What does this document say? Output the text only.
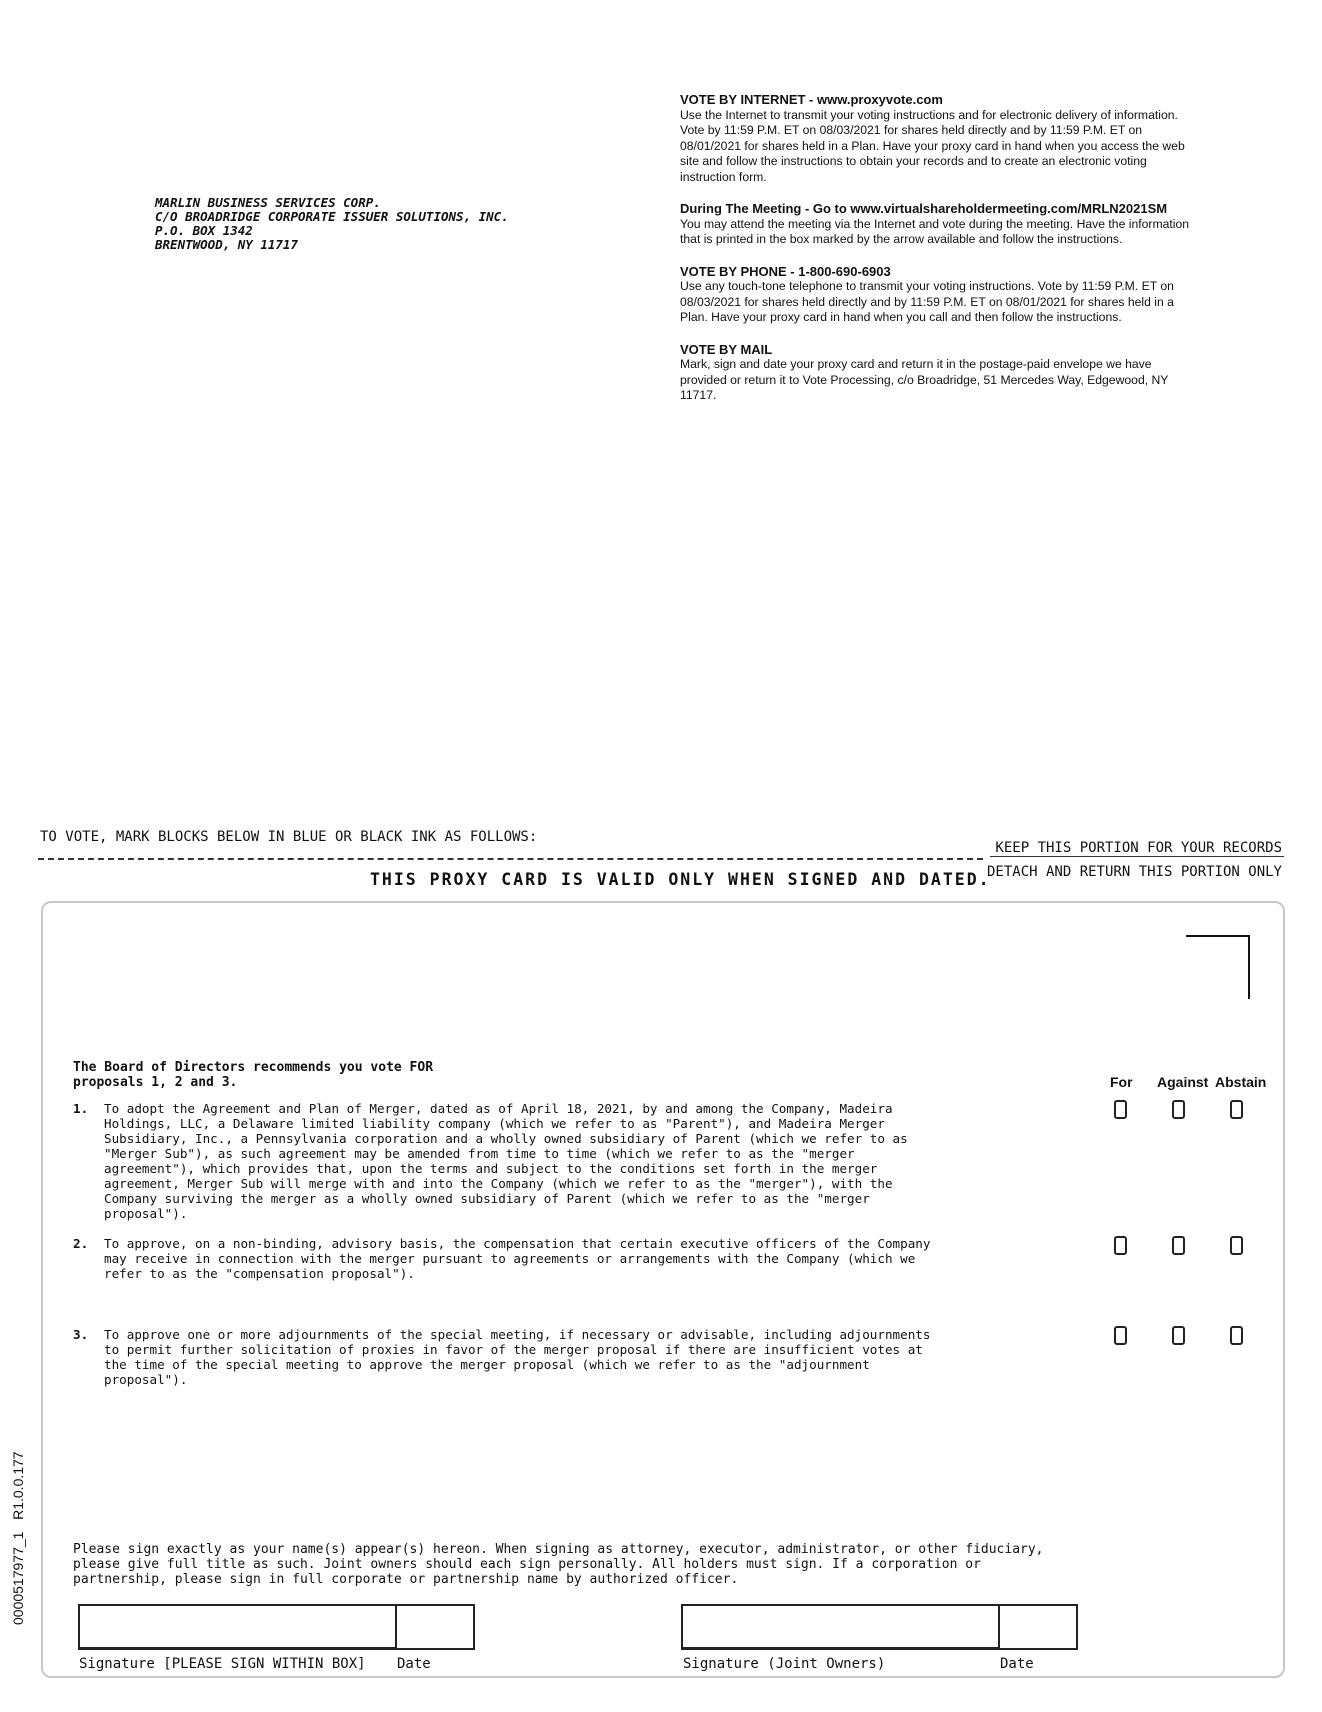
MARLIN BUSINESS SERVICES CORP.
C/O BROADRIDGE CORPORATE ISSUER SOLUTIONS, INC.
P.O. BOX 1342
BRENTWOOD, NY 11717
VOTE BY INTERNET - www.proxyvote.com
Use the Internet to transmit your voting instructions and for electronic delivery of information. Vote by 11:59 P.M. ET on 08/03/2021 for shares held directly and by 11:59 P.M. ET on 08/01/2021 for shares held in a Plan. Have your proxy card in hand when you access the web site and follow the instructions to obtain your records and to create an electronic voting instruction form.
During The Meeting - Go to www.virtualshareholdermeeting.com/MRLN2021SM
You may attend the meeting via the Internet and vote during the meeting. Have the information that is printed in the box marked by the arrow available and follow the instructions.
VOTE BY PHONE - 1-800-690-6903
Use any touch-tone telephone to transmit your voting instructions. Vote by 11:59 P.M. ET on 08/03/2021 for shares held directly and by 11:59 P.M. ET on 08/01/2021 for shares held in a Plan. Have your proxy card in hand when you call and then follow the instructions.
VOTE BY MAIL
Mark, sign and date your proxy card and return it in the postage-paid envelope we have provided or return it to Vote Processing, c/o Broadridge, 51 Mercedes Way, Edgewood, NY 11717.
TO VOTE, MARK BLOCKS BELOW IN BLUE OR BLACK INK AS FOLLOWS:
KEEP THIS PORTION FOR YOUR RECORDS
THIS PROXY CARD IS VALID ONLY WHEN SIGNED AND DATED.
DETACH AND RETURN THIS PORTION ONLY
The Board of Directors recommends you vote FOR
proposals 1, 2 and 3.	For Against Abstain
1. To adopt the Agreement and Plan of Merger, dated as of April 18, 2021, by and among the Company, Madeira
Holdings, LLC, a Delaware limited liability company (which we refer to as "Parent"), and Madeira Merger
Subsidiary, Inc., a Pennsylvania corporation and a wholly owned subsidiary of Parent (which we refer to as
"Merger Sub"), as such agreement may be amended from time to time (which we refer to as the "merger
agreement"), which provides that, upon the terms and subject to the conditions set forth in the merger
agreement, Merger Sub will merge with and into the Company (which we refer to as the "merger"), with the
Company surviving the merger as a wholly owned subsidiary of Parent (which we refer to as the "merger
proposal").
2. To approve, on a non-binding, advisory basis, the compensation that certain executive officers of the Company
may receive in connection with the merger pursuant to agreements or arrangements with the Company (which we
refer to as the "compensation proposal").
3. To approve one or more adjournments of the special meeting, if necessary or advisable, including adjournments
to permit further solicitation of proxies in favor of the merger proposal if there are insufficient votes at
the time of the special meeting to approve the merger proposal (which we refer to as the "adjournment
proposal").
Please sign exactly as your name(s) appear(s) hereon. When signing as attorney, executor, administrator, or other fiduciary,
please give full title as such. Joint owners should each sign personally. All holders must sign. If a corporation or
partnership, please sign in full corporate or partnership name by authorized officer.
Signature [PLEASE SIGN WITHIN BOX] Date	Signature (Joint Owners)	Date
0000517977_1   R1.0.0.177
